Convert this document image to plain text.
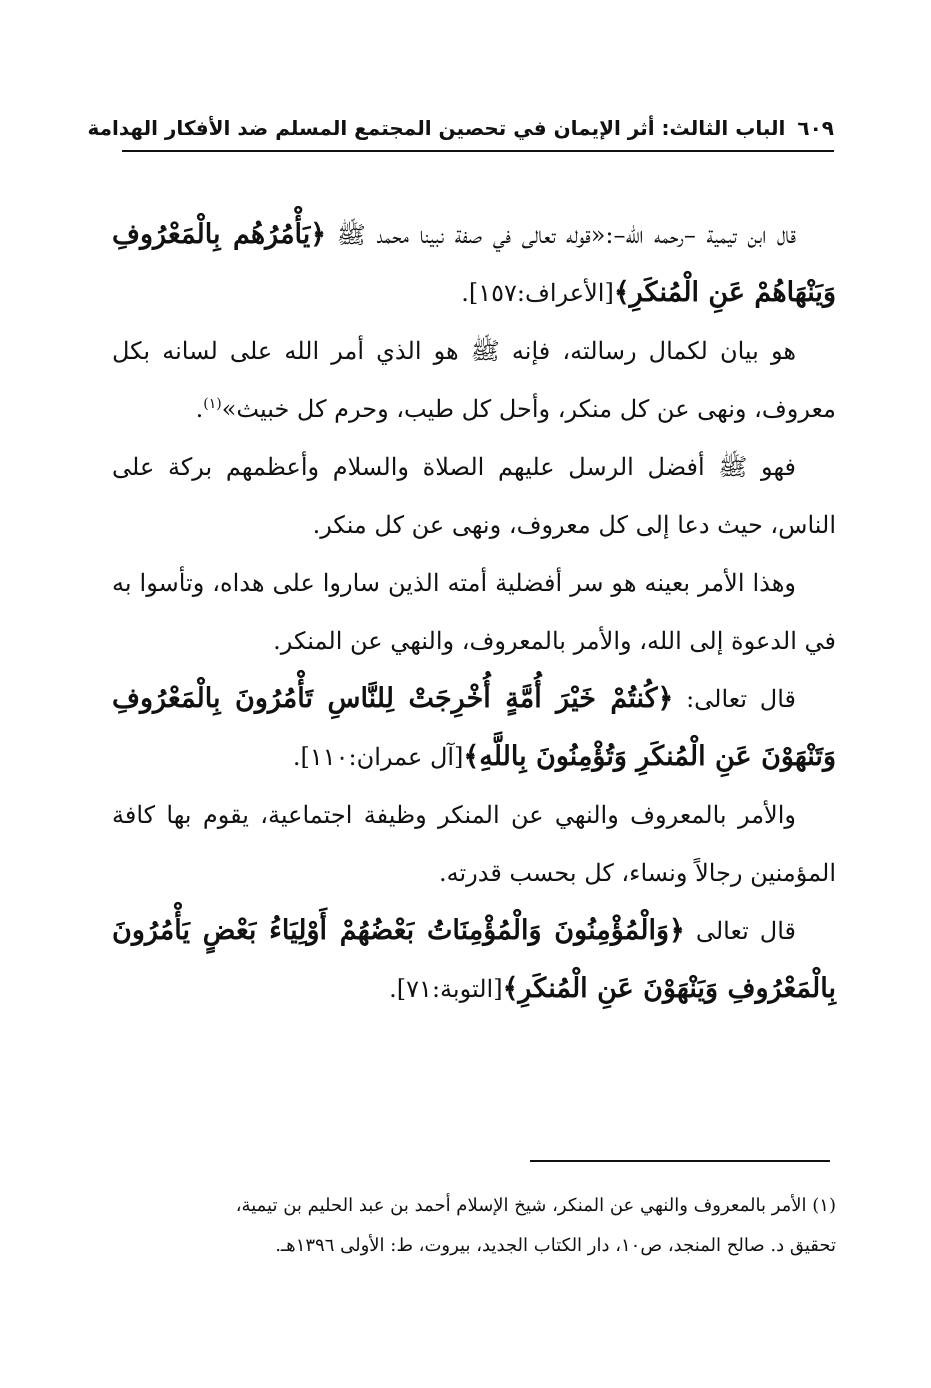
٦٠٩الباب الثالث: أثر الإيمان في تحصين المجتمع المسلم ضد الأفكار الهدامة

قال ابن تيمية –رحمه الله–:«قوله تعالى في صفة نبينا محمد ﷺ ﴿يَأْمُرُهُم بِالْمَعْرُوفِ وَيَنْهَاهُمْ عَنِ الْمُنكَرِ﴾[الأعراف:١٥٧].

هو بيان لكمال رسالته، فإنه ﷺ هو الذي أمر الله على لسانه بكل معروف، ونهى عن كل منكر، وأحل كل طيب، وحرم كل خبيث»$^{(١)}$.

فهو ﷺ أفضل الرسل عليهم الصلاة والسلام وأعظمهم بركة على الناس، حيث دعا إلى كل معروف، ونهى عن كل منكر.

وهذا الأمر بعينه هو سر أفضلية أمته الذين ساروا على هداه، وتأسوا به في الدعوة إلى الله، والأمر بالمعروف، والنهي عن المنكر.

قال تعالى: ﴿كُنتُمْ خَيْرَ أُمَّةٍ أُخْرِجَتْ لِلنَّاسِ تَأْمُرُونَ بِالْمَعْرُوفِ وَتَنْهَوْنَ عَنِ الْمُنكَرِ وَتُؤْمِنُونَ بِاللَّهِ﴾[آل عمران:١١٠].

والأمر بالمعروف والنهي عن المنكر وظيفة اجتماعية، يقوم بها كافة المؤمنين رجالاً ونساء، كل بحسب قدرته.

قال تعالى ﴿وَالْمُؤْمِنُونَ وَالْمُؤْمِنَاتُ بَعْضُهُمْ أَوْلِيَاءُ بَعْضٍ يَأْمُرُونَ بِالْمَعْرُوفِ وَيَنْهَوْنَ عَنِ الْمُنكَرِ﴾[التوبة:٧١].

(١) الأمر بالمعروف والنهي عن المنكر، شيخ الإسلام أحمد بن عبد الحليم بن تيمية،

تحقيق د. صالح المنجد، ص١٠، دار الكتاب الجديد، بيروت، ط: الأولى ١٣٩٦هـ.
